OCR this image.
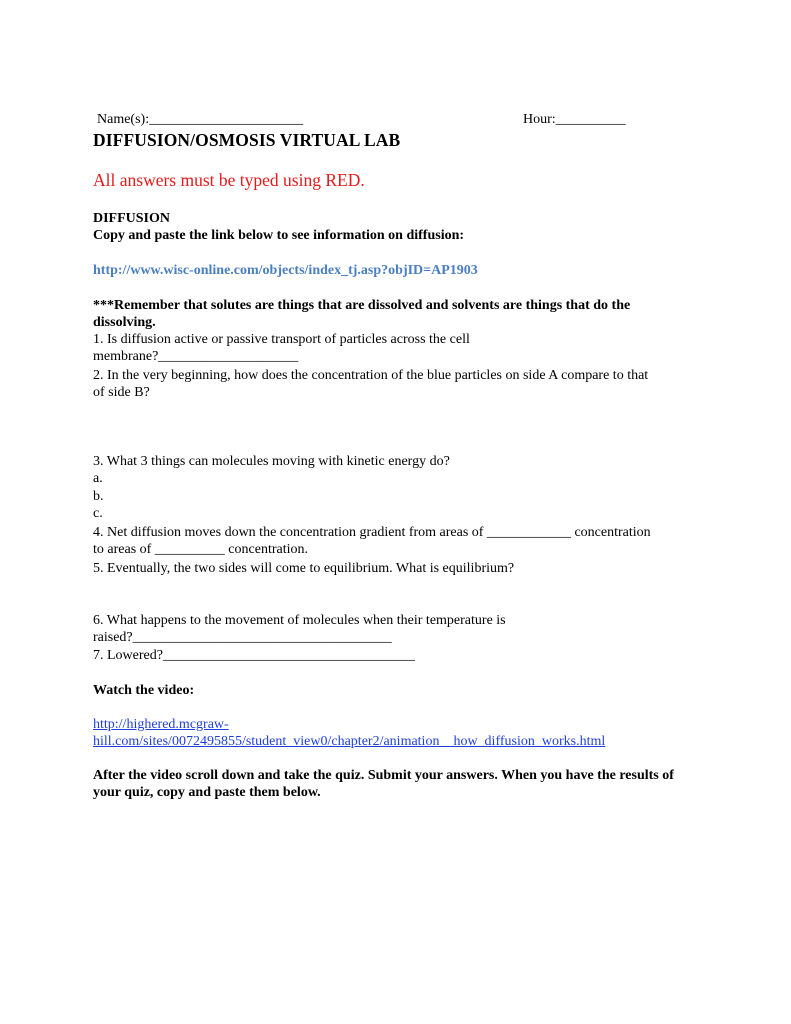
Name(s):______________________	Hour:__________
DIFFUSION/OSMOSIS VIRTUAL LAB
All answers must be typed using RED.
DIFFUSION
Copy and paste the link below to see information on diffusion:
http://www.wisc-online.com/objects/index_tj.asp?objID=AP1903
***Remember that solutes are things that are dissolved and solvents are things that do the dissolving.

1. Is diffusion active or passive transport of particles across the cell

membrane?____________________

2. In the very beginning, how does the concentration of the blue particles on side A compare to that

of side B?

3. What 3 things can molecules moving with kinetic energy do?

a.

b.

c.

4. Net diffusion moves down the concentration gradient from areas of ____________ concentration

to areas of __________ concentration.

5. Eventually, the two sides will come to equilibrium. What is equilibrium?

6. What happens to the movement of molecules when their temperature is

raised?_____________________________________

7. Lowered?____________________________________
Watch the video:

http://highered.mcgraw-

hill.com/sites/0072495855/student_view0/chapter2/animation__how_diffusion_works.html

After the video scroll down and take the quiz. Submit your answers. When you have the results of your quiz, copy and paste them below.
